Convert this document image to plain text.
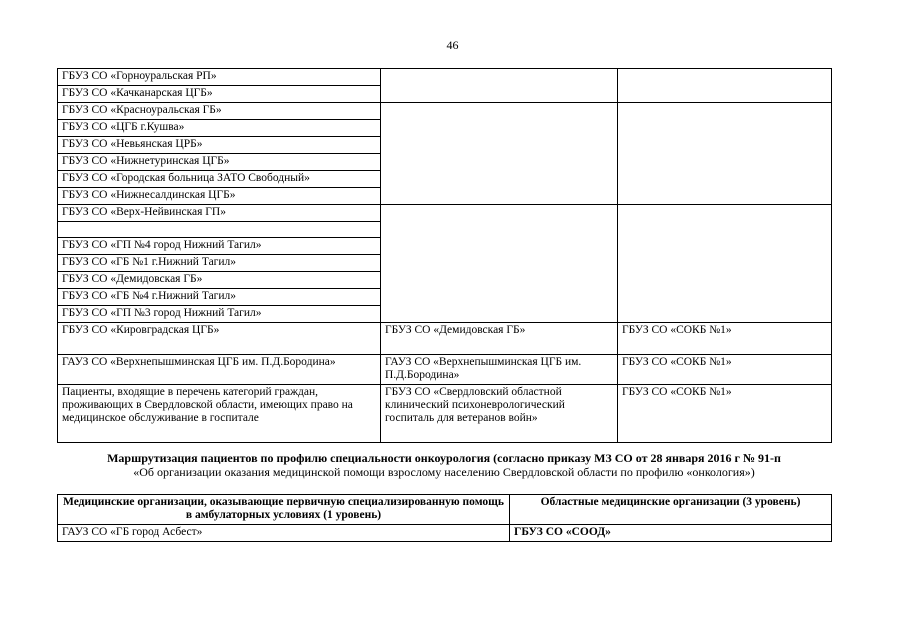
46
ГБУЗ СО «Горноуральская РП»		
ГБУЗ СО «Качканарская ЦГБ»		
ГБУЗ СО «Красноуральская ГБ»		
ГБУЗ СО «ЦГБ г.Кушва»		
ГБУЗ СО «Невьянская ЦРБ»		
ГБУЗ СО «Нижнетуринская ЦГБ»		
ГБУЗ СО «Городская больница ЗАТО Свободный»		
ГБУЗ СО «Нижнесалдинская ЦГБ»		
ГБУЗ СО «Верх-Нейвинская ГП»		

ГБУЗ СО «ГП №4 город Нижний Тагил»		
ГБУЗ СО «ГБ №1 г.Нижний Тагил»		
ГБУЗ СО «Демидовская ГБ»		
ГБУЗ СО «ГБ №4 г.Нижний Тагил»		
ГБУЗ СО «ГП №3 город Нижний Тагил»		
ГБУЗ СО «Кировградская ЦГБ»	ГБУЗ СО «Демидовская ГБ»	ГБУЗ СО «СОКБ №1»
ГАУЗ СО «Верхнепышминская ЦГБ им. П.Д.Бородина»	ГАУЗ СО «Верхнепышминская ЦГБ им. П.Д.Бородина»	ГБУЗ СО «СОКБ №1»
Пациенты, входящие в перечень категорий граждан, проживающих в Свердловской области, имеющих право на медицинское обслуживание в госпитале	ГБУЗ СО «Свердловский областной клинический психоневрологический госпиталь для ветеранов войн»	ГБУЗ СО «СОКБ №1»
Маршрутизация пациентов по профилю специальности онкоурология (согласно приказу МЗ СО от 28 января 2016 г № 91-п
«Об организации оказания медицинской помощи взрослому населению Свердловской области по профилю «онкология»)
Медицинские организации, оказывающие первичную специализированную помощь в амбулаторных условиях (1 уровень)	Областные медицинские организации (3 уровень)
ГАУЗ СО «ГБ город Асбест»	ГБУЗ СО «СООД»
